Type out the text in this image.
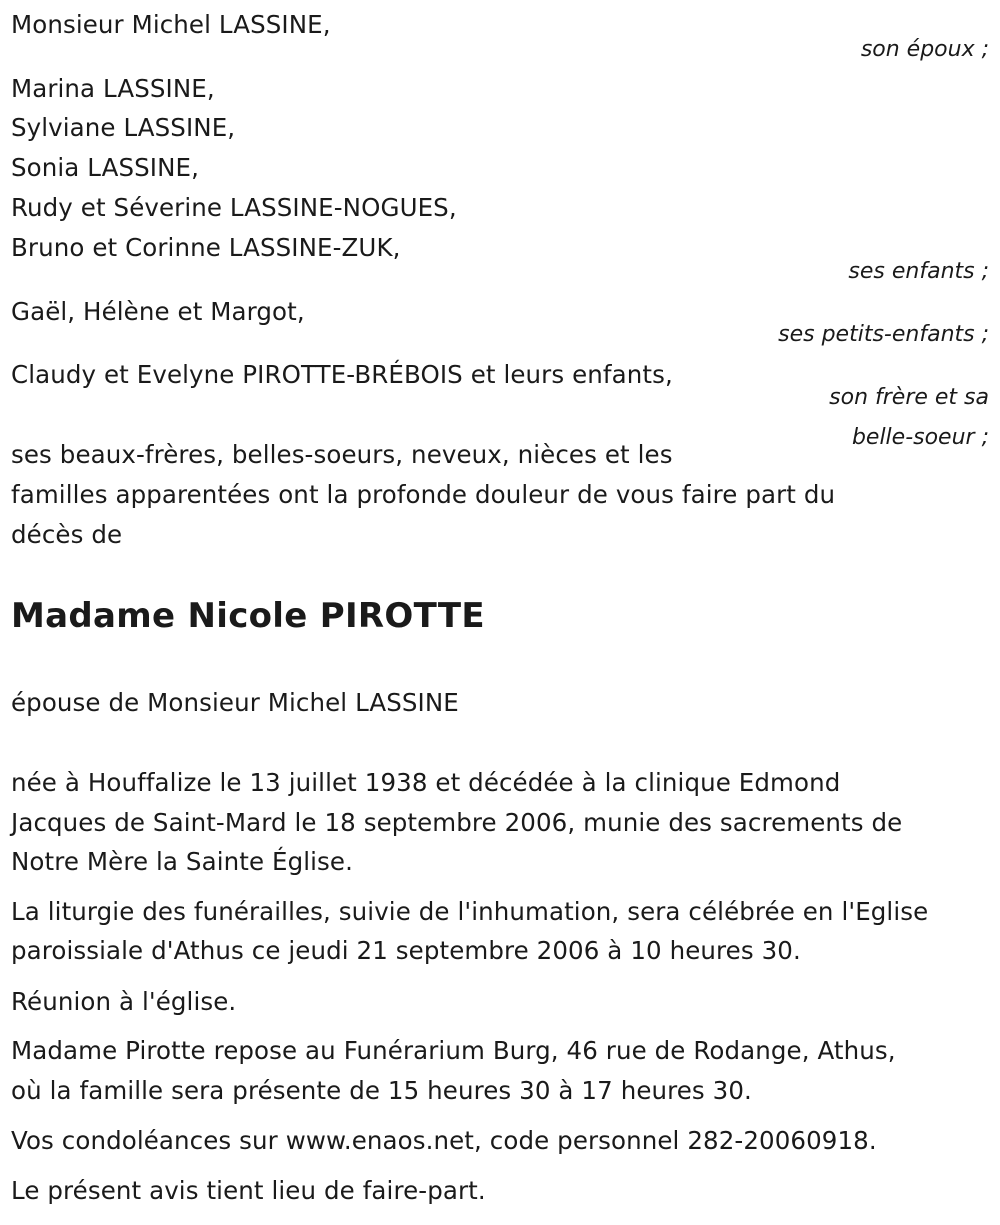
Monsieur Michel LASSINE,
son époux ;
Marina LASSINE,
Sylviane LASSINE,
Sonia LASSINE,
Rudy et Séverine LASSINE-NOGUES,
Bruno et Corinne LASSINE-ZUK,
ses enfants ;
Gaël, Hélène et Margot,
ses petits-enfants ;
Claudy et Evelyne PIROTTE-BRÉBOIS et leurs enfants,
son frère et sa
belle-soeur ;
ses beaux-frères, belles-soeurs, neveux, nièces et les
familles apparentées ont la profonde douleur de vous faire part du
décès de
Madame Nicole PIROTTE
épouse de Monsieur Michel LASSINE
née à Houffalize le 13 juillet 1938 et décédée à la clinique Edmond
Jacques de Saint-Mard le 18 septembre 2006, munie des sacrements de
Notre Mère la Sainte Église.
La liturgie des funérailles, suivie de l'inhumation, sera célébrée en l'Eglise
paroissiale d'Athus ce jeudi 21 septembre 2006 à 10 heures 30.
Réunion à l'église.
Madame Pirotte repose au Funérarium Burg, 46 rue de Rodange, Athus,
où la famille sera présente de 15 heures 30 à 17 heures 30.
Vos condoléances sur www.enaos.net, code personnel 282-20060918.
Le présent avis tient lieu de faire-part.
